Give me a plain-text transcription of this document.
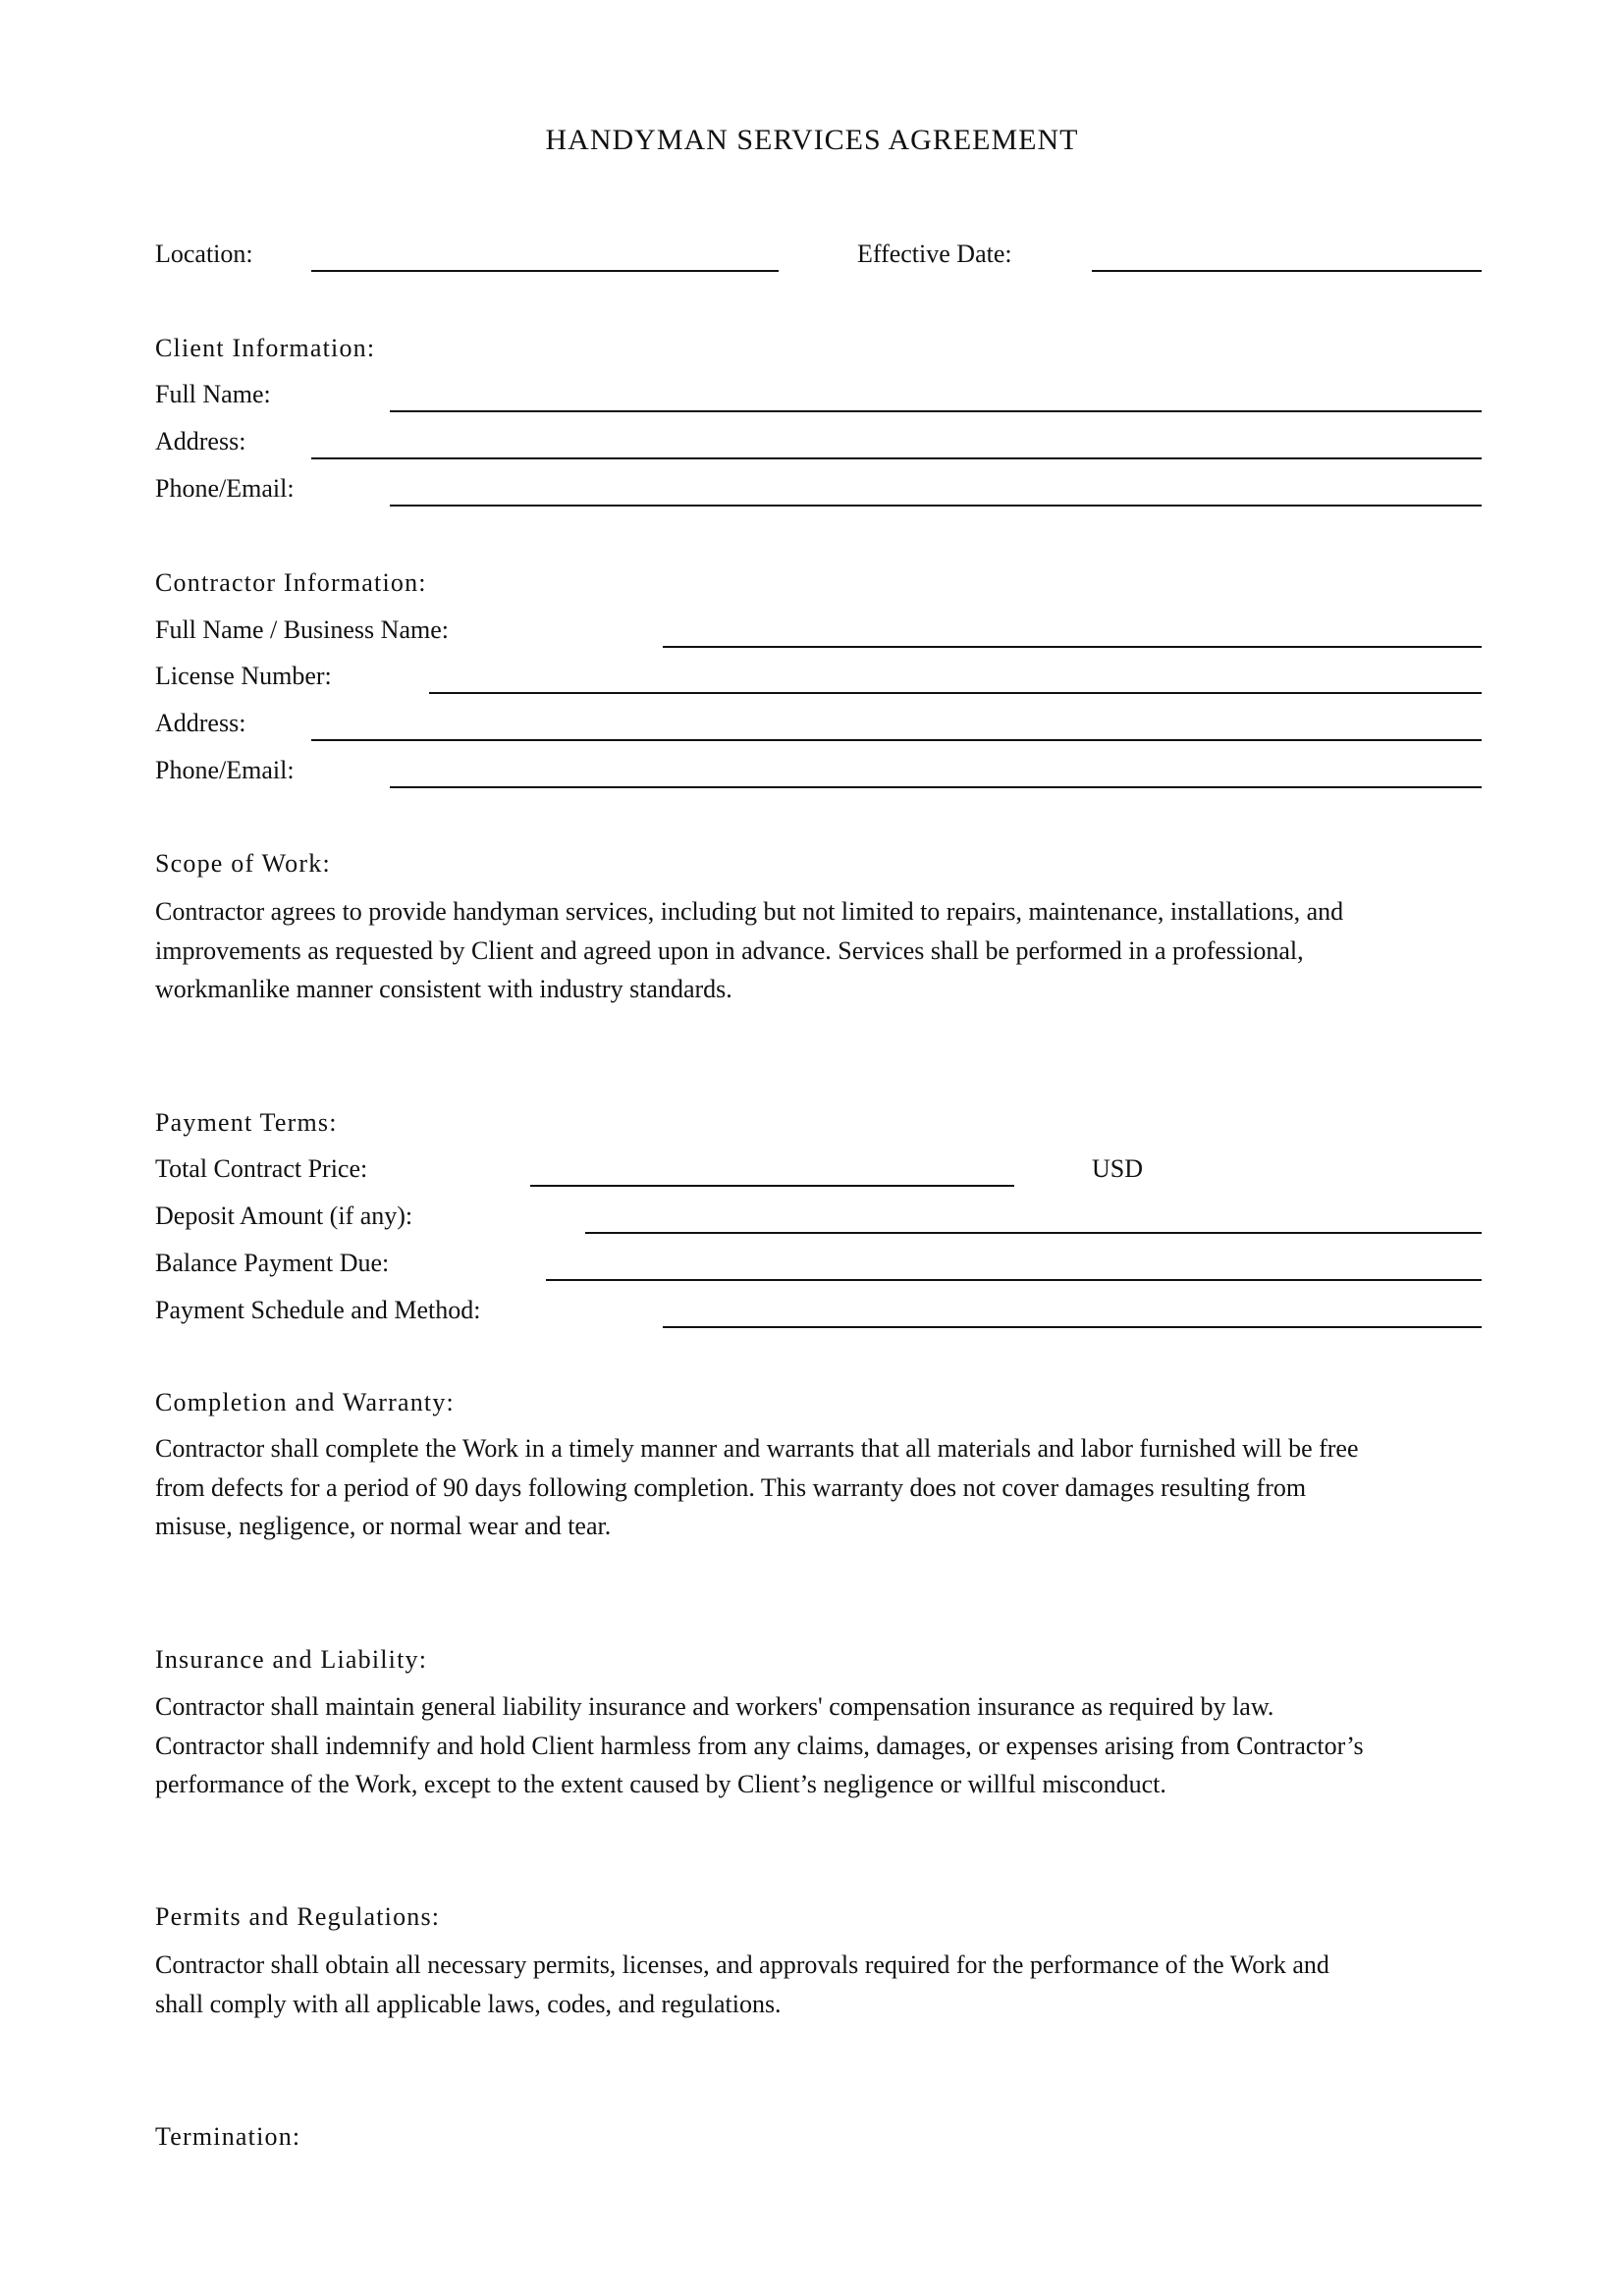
HANDYMAN SERVICES AGREEMENT
Location:	Effective Date:
Client Information:
Full Name:
Address:
Phone/Email:
Contractor Information:
Full Name / Business Name:
License Number:
Address:
Phone/Email:
Scope of Work:
Contractor agrees to provide handyman services, including but not limited to repairs, maintenance, installations, and
improvements as requested by Client and agreed upon in advance. Services shall be performed in a professional,
workmanlike manner consistent with industry standards.
Payment Terms:
Total Contract Price:	USD
Deposit Amount (if any):
Balance Payment Due:
Payment Schedule and Method:
Completion and Warranty:
Contractor shall complete the Work in a timely manner and warrants that all materials and labor furnished will be free
from defects for a period of 90 days following completion. This warranty does not cover damages resulting from
misuse, negligence, or normal wear and tear.
Insurance and Liability:
Contractor shall maintain general liability insurance and workers' compensation insurance as required by law.
Contractor shall indemnify and hold Client harmless from any claims, damages, or expenses arising from Contractor’s
performance of the Work, except to the extent caused by Client’s negligence or willful misconduct.
Permits and Regulations:
Contractor shall obtain all necessary permits, licenses, and approvals required for the performance of the Work and
shall comply with all applicable laws, codes, and regulations.
Termination:
